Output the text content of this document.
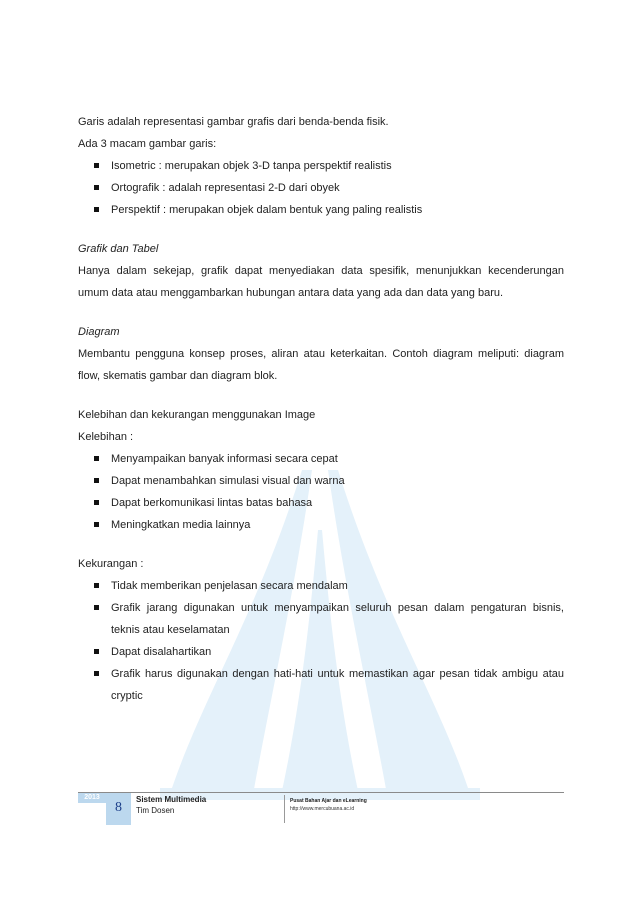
Garis adalah representasi gambar grafis dari benda-benda fisik.

Ada 3 macam gambar garis:

Isometric : merupakan objek 3-D tanpa perspektif realistis
Ortografik : adalah representasi 2-D dari obyek
Perspektif : merupakan objek dalam bentuk yang paling realistis

Grafik dan Tabel

Hanya dalam sekejap, grafik dapat menyediakan data spesifik, menunjukkan kecenderungan umum data atau menggambarkan hubungan antara data yang ada dan data yang baru.

Diagram

Membantu pengguna konsep proses, aliran atau keterkaitan. Contoh diagram meliputi: diagram flow, skematis gambar dan diagram blok.

Kelebihan dan kekurangan menggunakan Image

Kelebihan :

Menyampaikan banyak informasi secara cepat
Dapat menambahkan simulasi visual dan warna
Dapat berkomunikasi lintas batas bahasa
Meningkatkan media lainnya

Kekurangan :

Tidak memberikan penjelasan secara mendalam
Grafik jarang digunakan untuk menyampaikan seluruh pesan dalam pengaturan bisnis, teknis atau keselamatan
Dapat disalahartikan
Grafik harus digunakan dengan hati-hati untuk memastikan agar pesan tidak ambigu atau cryptic
2013
8
Sistem Multimedia
Tim Dosen
Pusat Bahan Ajar dan eLearning
http://www.mercubuana.ac.id
